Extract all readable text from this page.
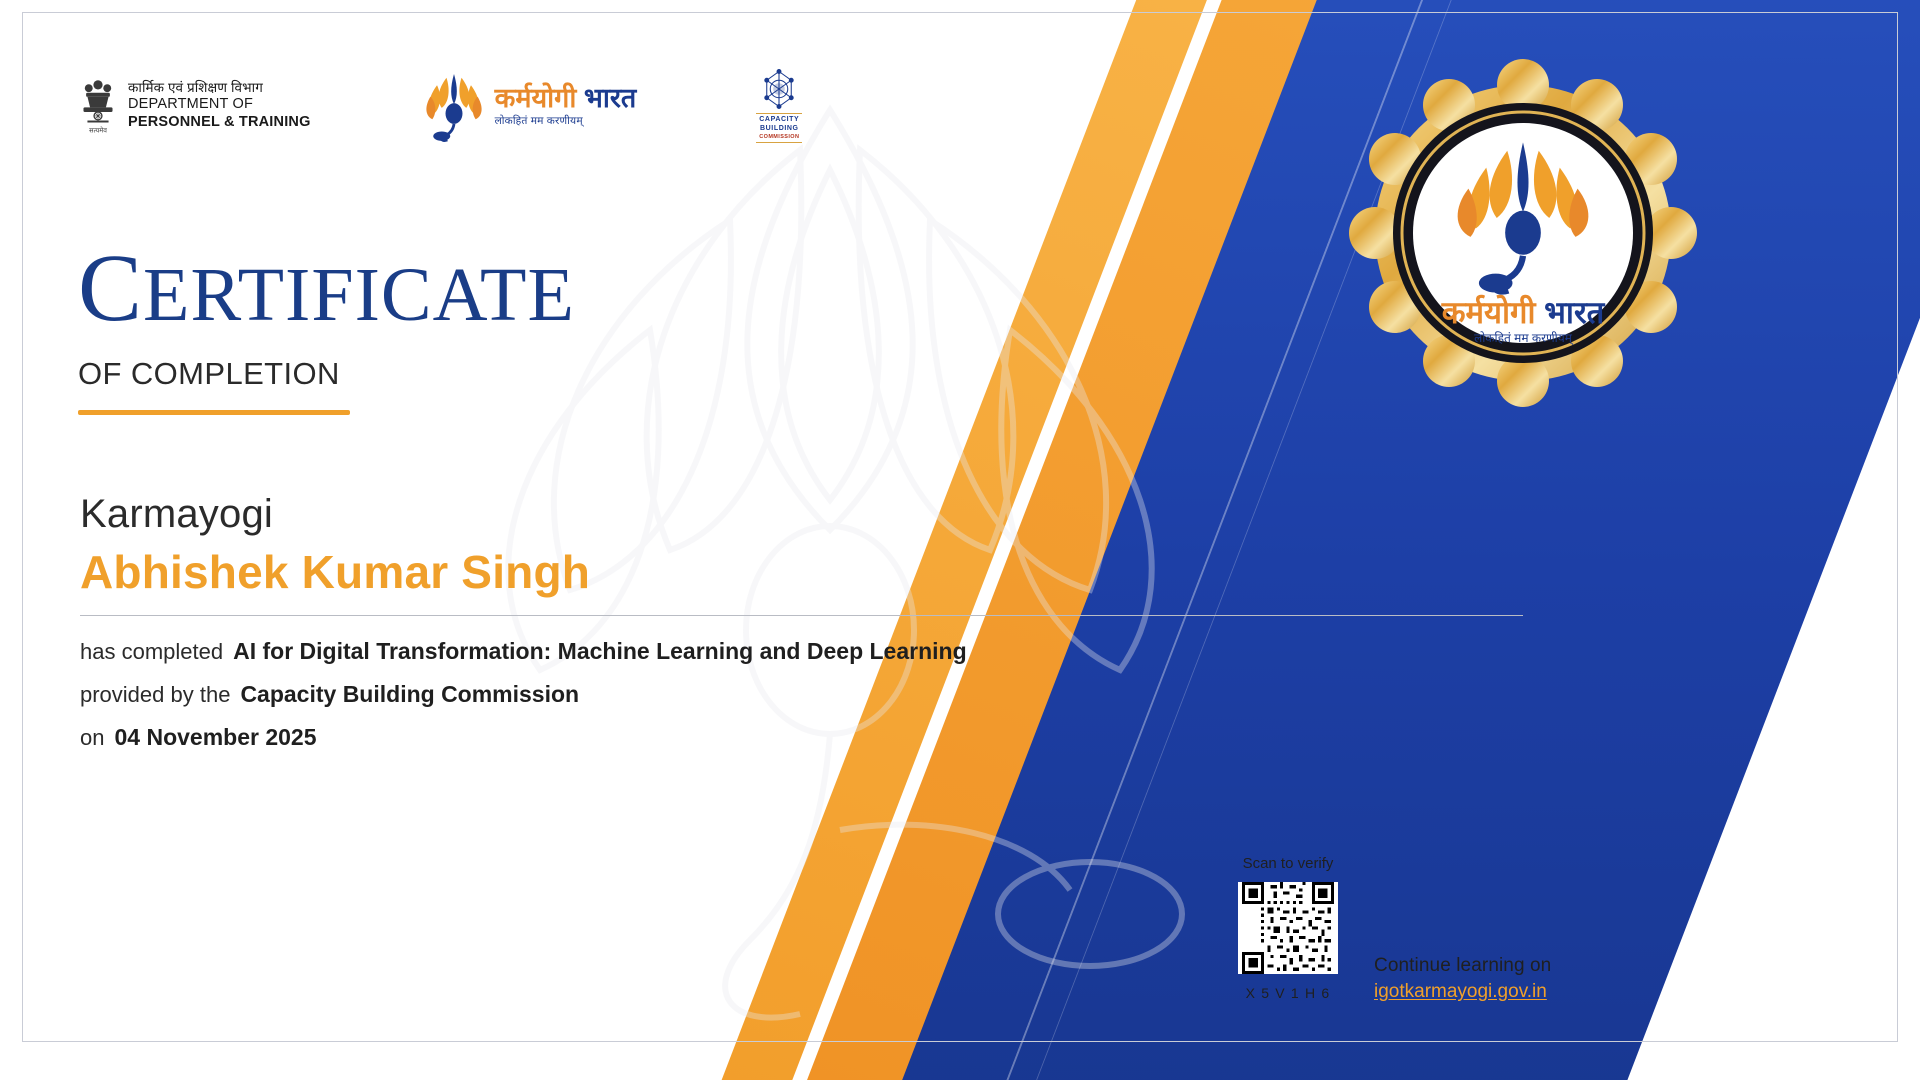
सत्यमेव
कार्मिक एवं प्रशिक्षण विभाग
DEPARTMENT OF
PERSONNEL & TRAINING
कर्मयोगी भारत
लोकहितं मम करणीयम्	CAPACITY
BUILDING
COMMISSION
कर्मयोगी भारत
लोकहितं मम करणीयम्
CERTIFICATE
OF COMPLETION
Karmayogi
Abhishek Kumar Singh
has completed AI for Digital Transformation: Machine Learning and Deep Learning
provided by the Capacity Building Commission
on 04 November 2025
Scan to verify
X 5 V 1 H 6
Continue learning on
igotkarmayogi.gov.in
